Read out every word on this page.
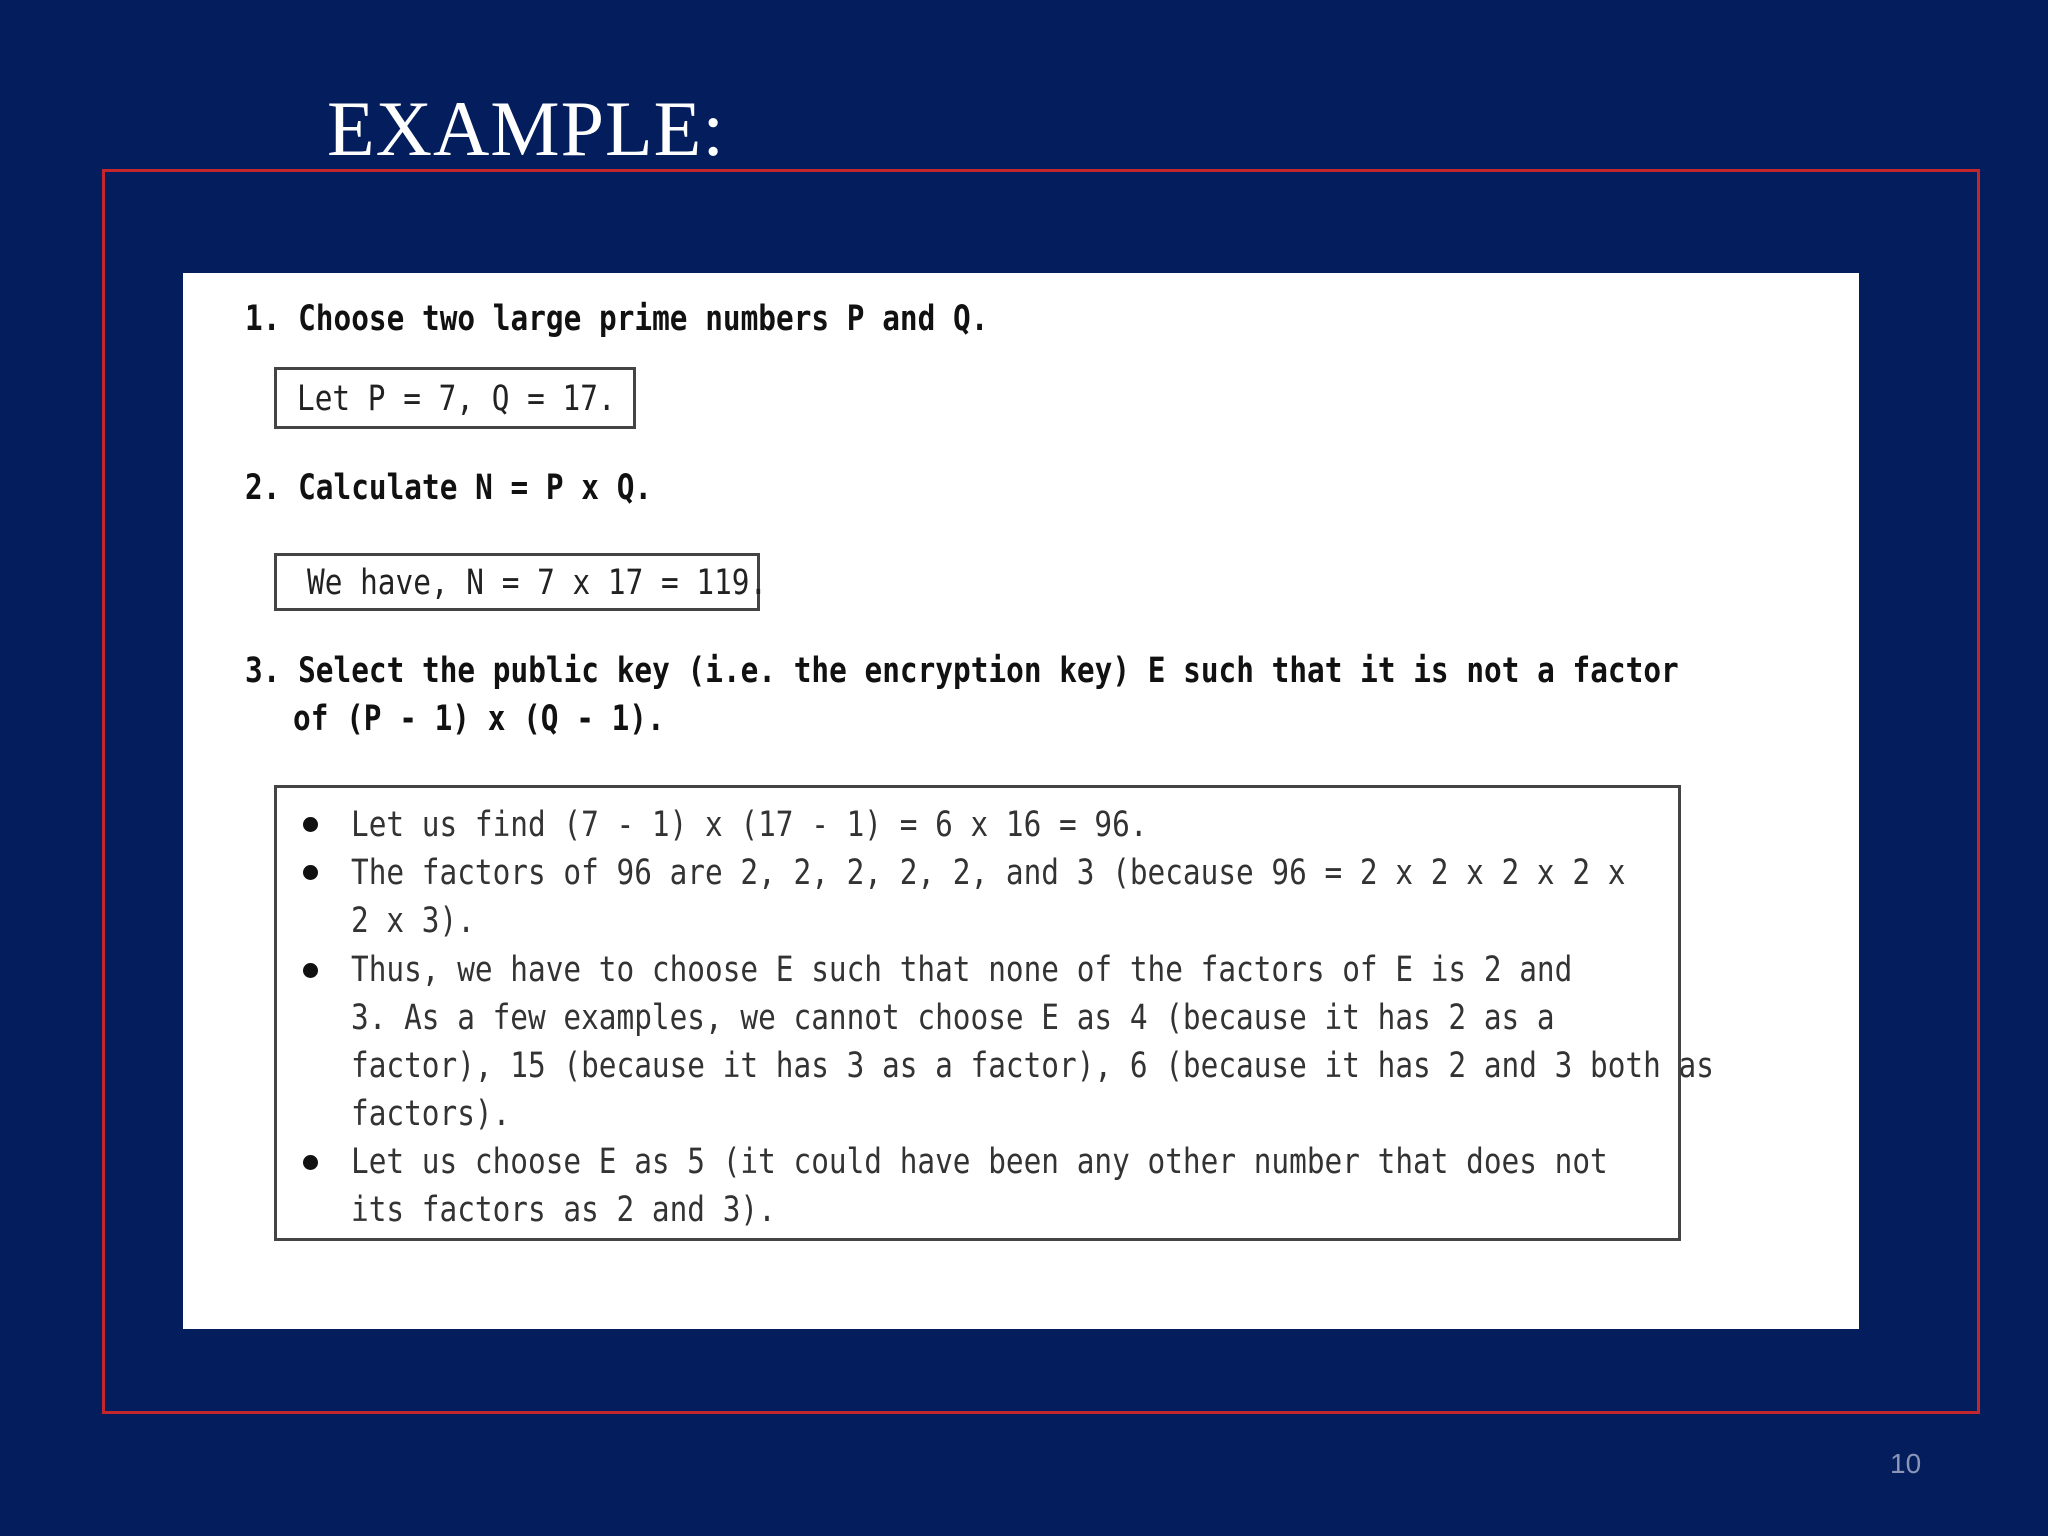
EXAMPLE:
1. Choose two large prime numbers P and Q.
Let P = 7, Q = 17.
2. Calculate N = P x Q.
We have, N = 7 x 17 = 119.
3. Select the public key (i.e. the encryption key) E such that it is not a factor
of (P - 1) x (Q - 1).
Let us find (7 - 1) x (17 - 1) = 6 x 16 = 96.
The factors of 96 are 2, 2, 2, 2, 2, and 3 (because 96 = 2 x 2 x 2 x 2 x
2 x 3).
Thus, we have to choose E such that none of the factors of E is 2 and
3. As a few examples, we cannot choose E as 4 (because it has 2 as a
factor), 15 (because it has 3 as a factor), 6 (because it has 2 and 3 both as
factors).
Let us choose E as 5 (it could have been any other number that does not
its factors as 2 and 3).
10
